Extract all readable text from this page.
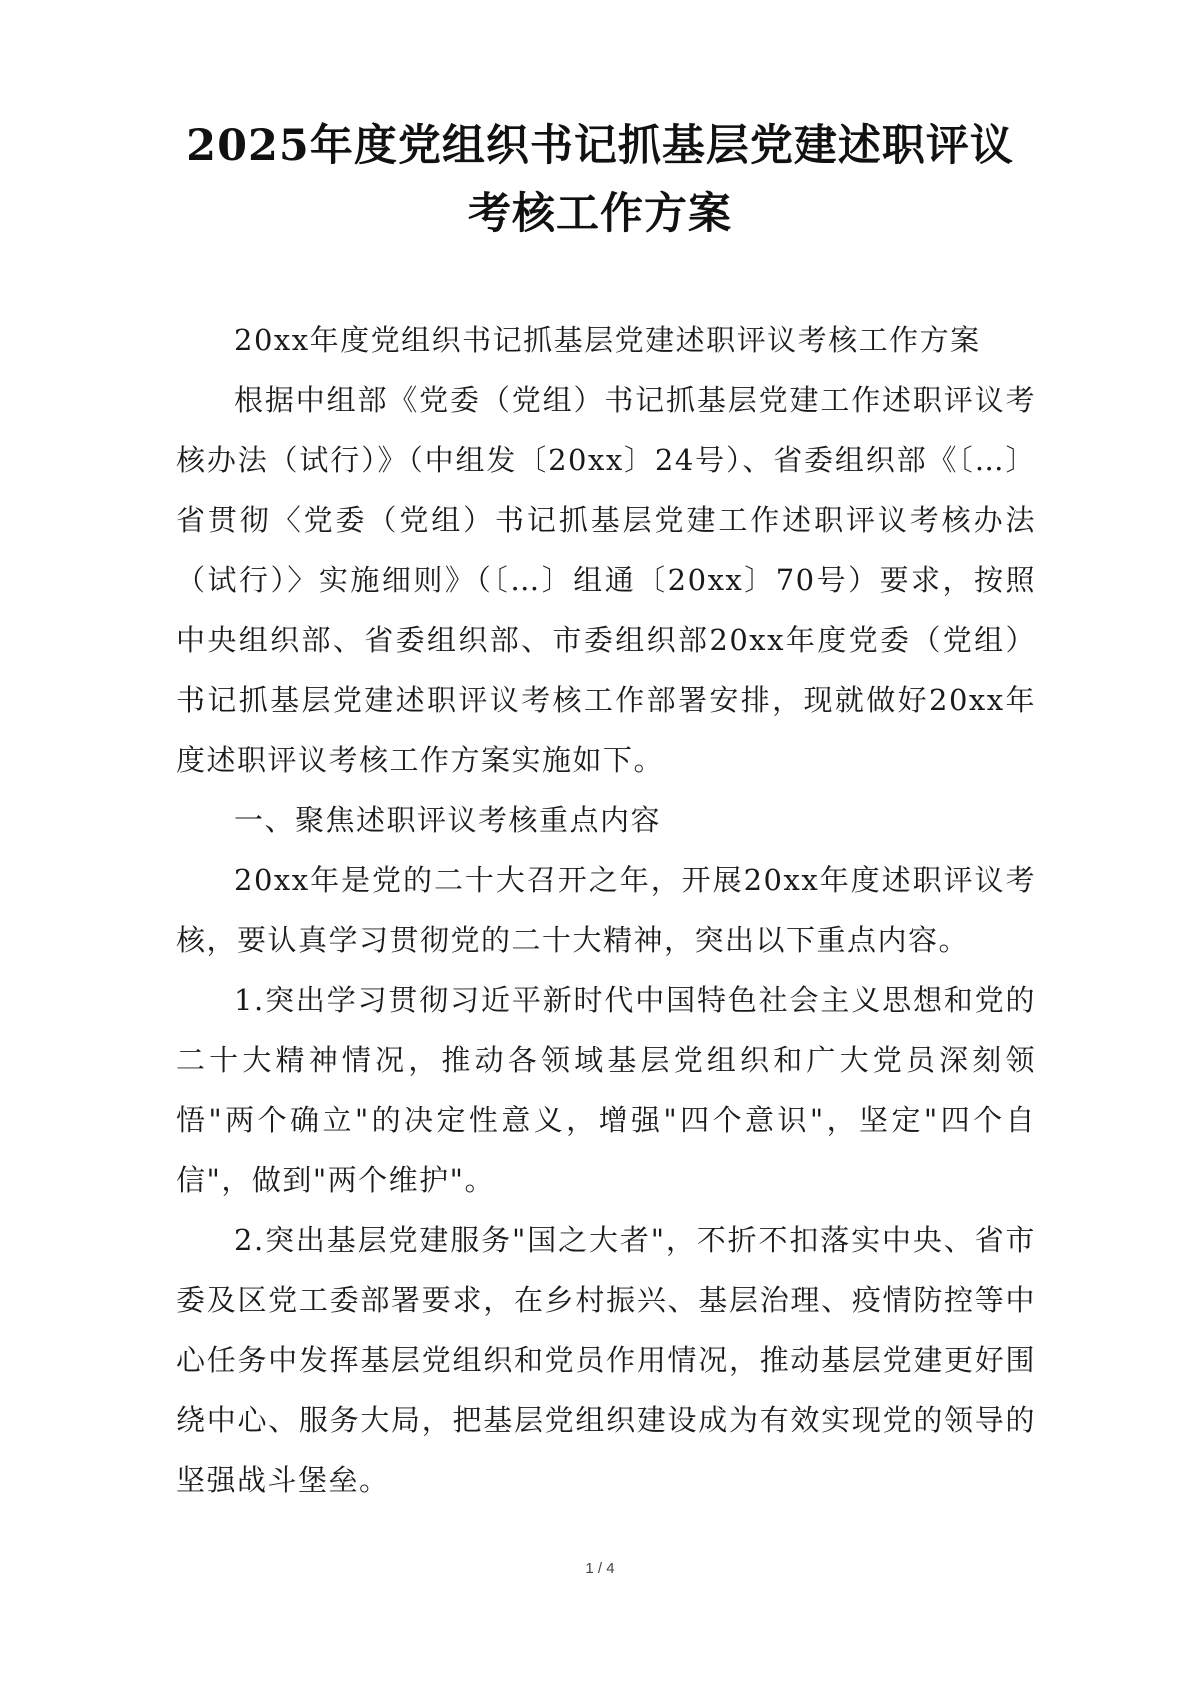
2025年度党组织书记抓基层党建述职评议考核工作方案

20xx年度党组织书记抓基层党建述职评议考核工作方案

根据中组部《党委（党组）书记抓基层党建工作述职评议考核办法（试行）》（中组发〔20xx〕24号）、省委组织部《〔…〕省贯彻〈党委（党组）书记抓基层党建工作述职评议考核办法（试行）〉实施细则》（〔…〕组通〔20xx〕70号）要求，按照中央组织部、省委组织部、市委组织部20xx年度党委（党组）书记抓基层党建述职评议考核工作部署安排，现就做好20xx年度述职评议考核工作方案实施如下。

一、聚焦述职评议考核重点内容

20xx年是党的二十大召开之年，开展20xx年度述职评议考核，要认真学习贯彻党的二十大精神，突出以下重点内容。

1.突出学习贯彻习近平新时代中国特色社会主义思想和党的二十大精神情况，推动各领域基层党组织和广大党员深刻领悟"两个确立"的决定性意义，增强"四个意识"，坚定"四个自信"，做到"两个维护"。

2.突出基层党建服务"国之大者"，不折不扣落实中央、省市委及区党工委部署要求，在乡村振兴、基层治理、疫情防控等中心任务中发挥基层党组织和党员作用情况，推动基层党建更好围绕中心、服务大局，把基层党组织建设成为有效实现党的领导的坚强战斗堡垒。

1 / 4
